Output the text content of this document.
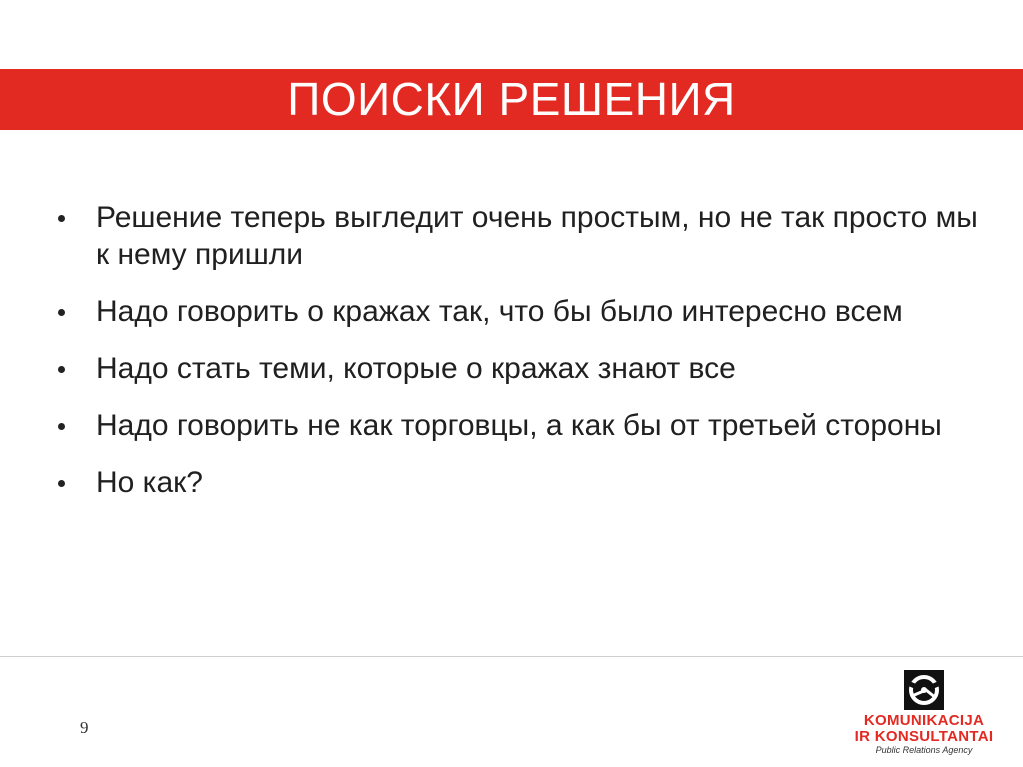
ПОИСКИ РЕШЕНИЯ
Решение теперь выгледит очень простым, но не так просто мы к нему пришли
Надо говорить о кражах так, что бы было интересно всем
Надо стать теми, которые о кражах знают все
Надо говорить не как торговцы, а как бы от третьей стороны
Но как?
9	KOMUNIKACIJA
IR KONSULTANTAI
Public Relations Agency
